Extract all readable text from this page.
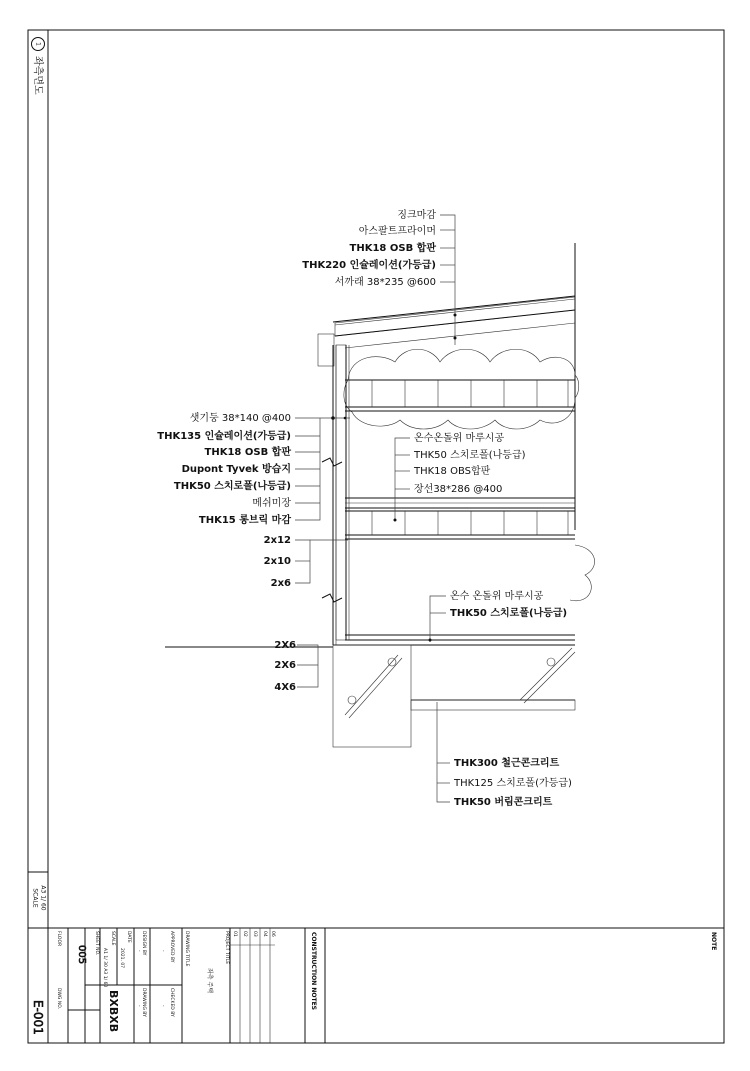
1
좌측면도
SCALE A3 1/ 60
징크마감
아스팔트프라이머
THK18 OSB 합판
THK220 인슐레이션(가등급)
서까래 38*235 @600
샛기둥 38*140 @400
THK135 인슐레이션(가등급)
THK18 OSB 합판
Dupont Tyvek 방습지
THK50 스치로폴(나등급)
메쉬미장
THK15 롱브릭 마감
온수온돌위 마루시공
THK50 스치로폴(나등급)
THK18 OBS합판
장선38*286 @400
2x12
2x10
2x6
온수 온돌위 마루시공
THK50 스치로폴(나등급)
2X6
2X6
4X6
THK300 철근콘크리트
THK125 스치로폴(가등급)
THK50 버림콘크리트
06
04
03
02
01	CONSTRUCTION NOTES	NOTE
PROJECT TITLE
DRAWING TITLE
좌측 주택
APPROVED BY
-
CHECKED BY
-
DESIGN BY
-
DRAWING BY
-
DATE
2021. 07
SCALE
A1 1/ 30 A3 1/ 60
SHEET NO.
005
BXBXB
FLOOR
DWG NO.
E-001
